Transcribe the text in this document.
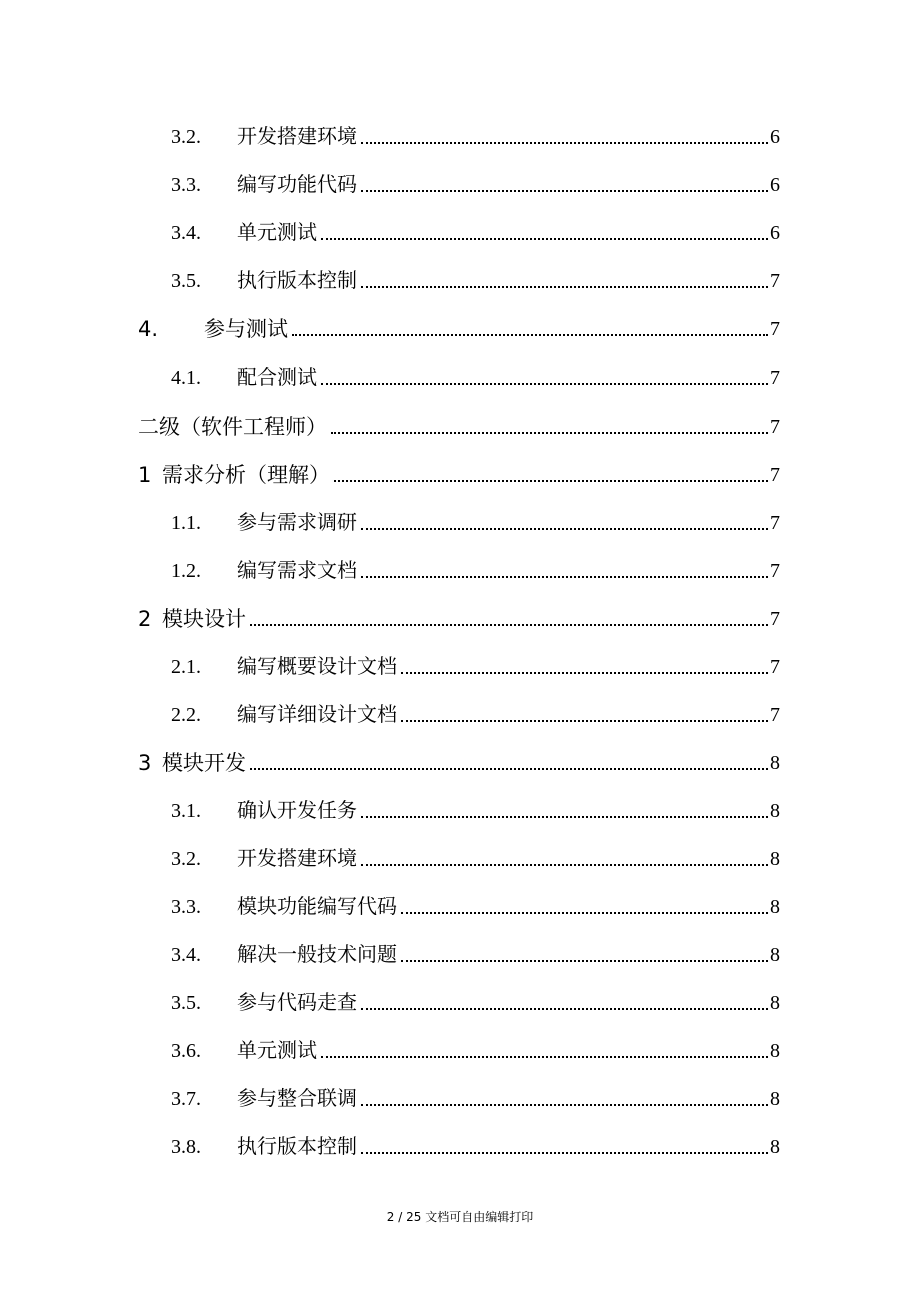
3.2.	开发搭建环境	6
3.3.	编写功能代码	6
3.4.	单元测试	6
3.5.	执行版本控制	7
4.	参与测试	7
4.1.	配合测试	7
二级（软件工程师）	7
1 需求分析（理解）	7
1.1.	参与需求调研	7
1.2.	编写需求文档	7
2 模块设计	7
2.1.	编写概要设计文档	7
2.2.	编写详细设计文档	7
3 模块开发	8
3.1.	确认开发任务	8
3.2.	开发搭建环境	8
3.3.	模块功能编写代码	8
3.4.	解决一般技术问题	8
3.5.	参与代码走查	8
3.6.	单元测试	8
3.7.	参与整合联调	8
3.8.	执行版本控制	8
2 / 25 文档可自由编辑打印
